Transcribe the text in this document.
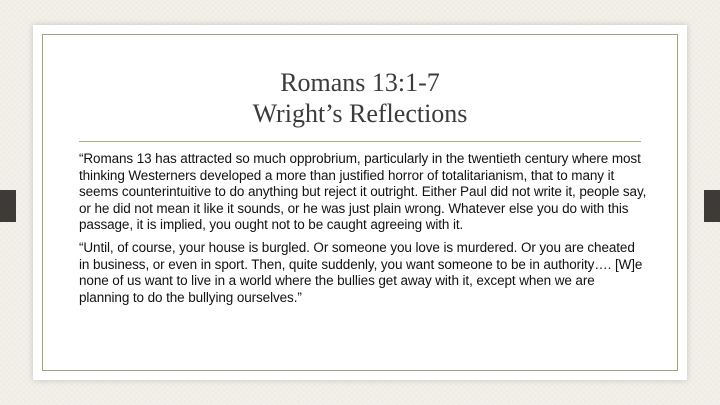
Romans 13:1-7
Wright’s Reflections

“Romans 13 has attracted so much opprobrium, particularly in the twentieth century where most thinking Westerners developed a more than justified horror of totalitarianism, that to many it seems counterintuitive to do anything but reject it outright. Either Paul did not write it, people say, or he did not mean it like it sounds, or he was just plain wrong. Whatever else you do with this passage, it is implied, you ought not to be caught agreeing with it.

“Until, of course, your house is burgled. Or someone you love is murdered. Or you are cheated in business, or even in sport. Then, quite suddenly, you want someone to be in authority…. [W]e none of us want to live in a world where the bullies get away with it, except when we are planning to do the bullying ourselves.”
